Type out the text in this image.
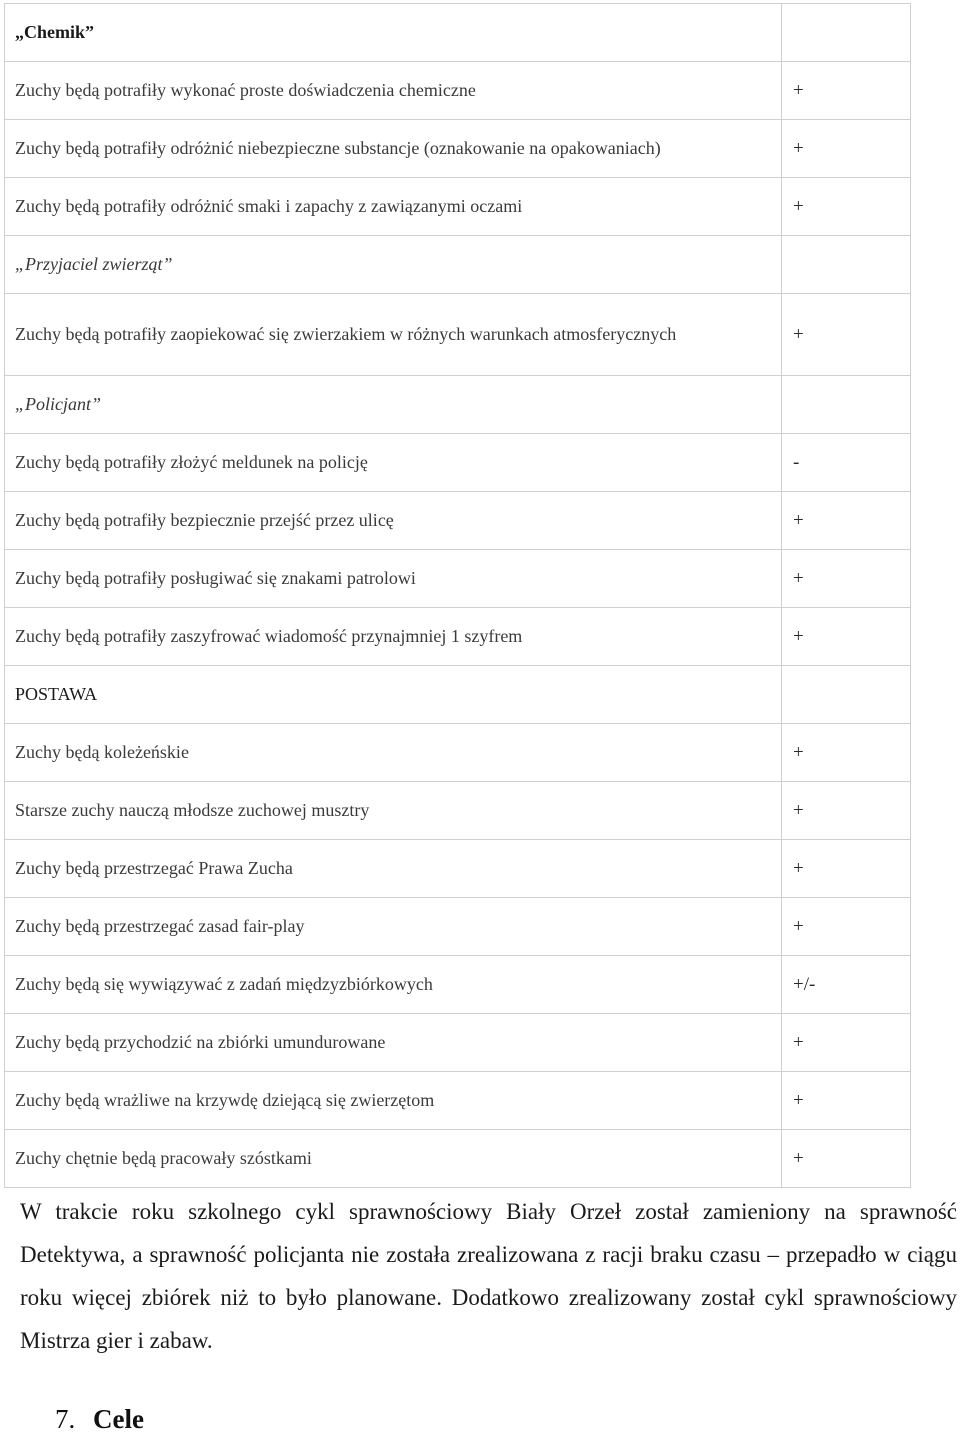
„Chemik”	
Zuchy będą potrafiły wykonać proste doświadczenia chemiczne	+
Zuchy będą potrafiły odróżnić niebezpieczne substancje (oznakowanie na opakowaniach)	+
Zuchy będą potrafiły odróżnić smaki i zapachy z zawiązanymi oczami	+
„Przyjaciel zwierząt”	
Zuchy będą potrafiły zaopiekować się zwierzakiem w różnych warunkach atmosferycznych	+
„Policjant”	
Zuchy będą potrafiły złożyć meldunek na policję	-
Zuchy będą potrafiły bezpiecznie przejść przez ulicę	+
Zuchy będą potrafiły posługiwać się znakami patrolowi	+
Zuchy będą potrafiły zaszyfrować wiadomość przynajmniej 1 szyfrem	+
POSTAWA	
Zuchy będą koleżeńskie	+
Starsze zuchy nauczą młodsze zuchowej musztry	+
Zuchy będą przestrzegać Prawa Zucha	+
Zuchy będą przestrzegać zasad fair-play	+
Zuchy będą się wywiązywać z zadań międzyzbiórkowych	+/-
Zuchy będą przychodzić na zbiórki umundurowane	+
Zuchy będą wrażliwe na krzywdę dziejącą się zwierzętom	+
Zuchy chętnie będą pracowały szóstkami	+

W trakcie roku szkolnego cykl sprawnościowy Biały Orzeł został zamieniony na sprawność Detektywa, a sprawność policjanta nie została zrealizowana z racji braku czasu – przepadło w ciągu roku więcej zbiórek niż to było planowane. Dodatkowo zrealizowany został cykl sprawnościowy Mistrza gier i zabaw.

7. Cele
